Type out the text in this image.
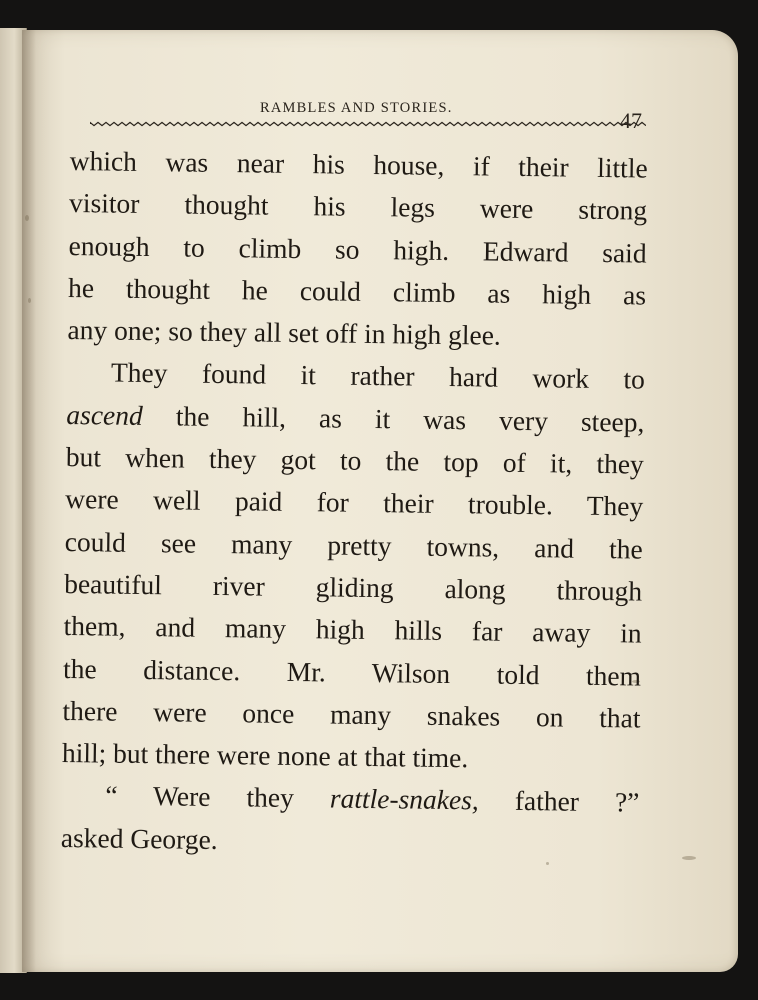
RAMBLES AND STORIES.	47
which was near his house, if their little
visitor thought his legs were strong
enough to climb so high. Edward said
he thought he could climb as high as
any one; so they all set off in high glee.
They found it rather hard work to
ascend the hill, as it was very steep,
but when they got to the top of it, they
were well paid for their trouble. They
could see many pretty towns, and the
beautiful river gliding along through
them, and many high hills far away in
the distance. Mr. Wilson told them
there were once many snakes on that
hill; but there were none at that time.
“ Were they rattle-snakes, father ?”
asked George.
